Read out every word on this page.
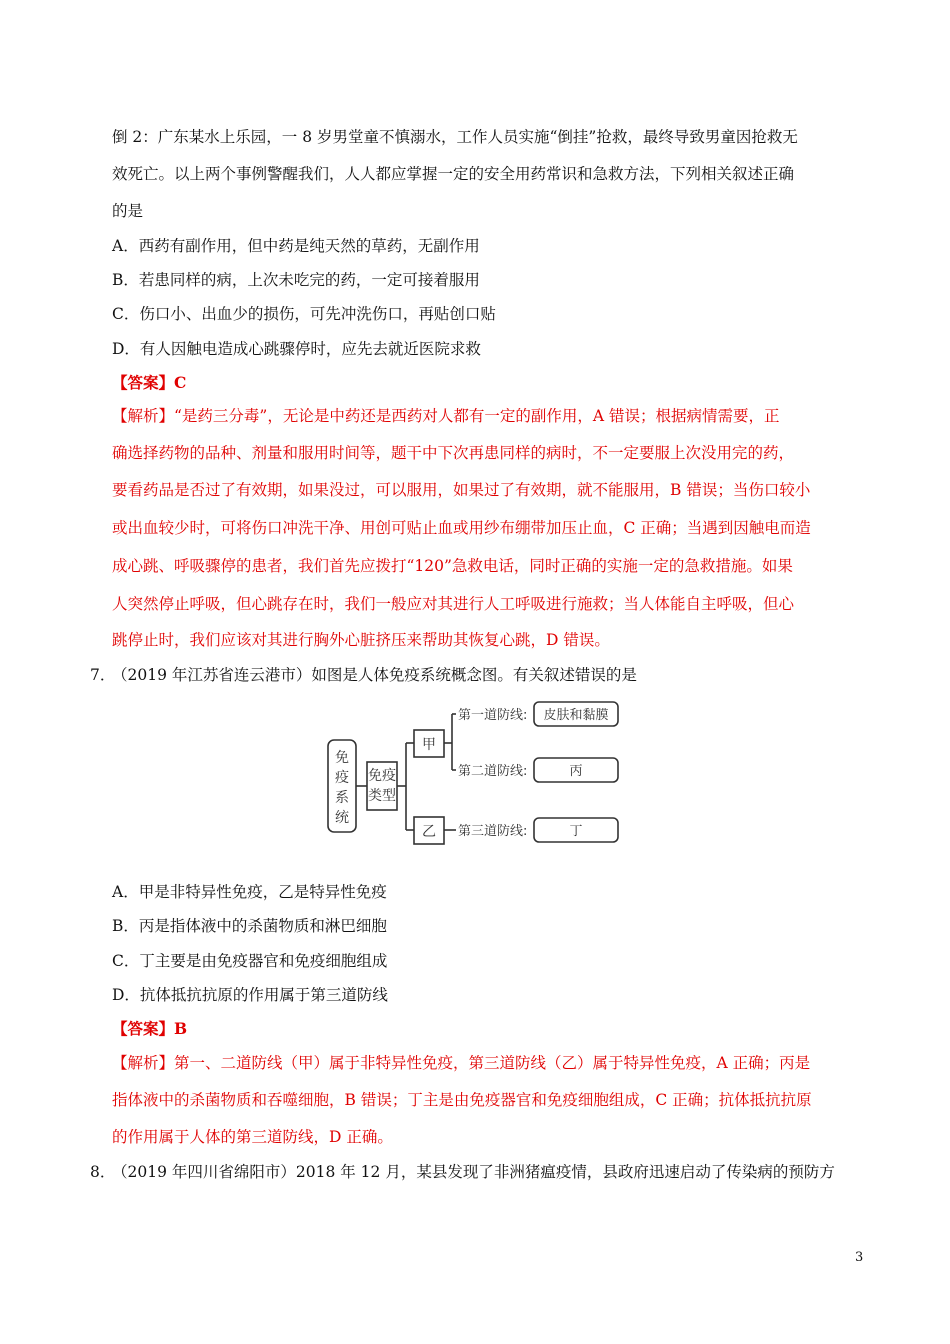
倒 2：广东某水上乐园，一 8 岁男堂童不慎溺水，工作人员实施“倒挂”抢救，最终导致男童因抢救无
效死亡。以上两个事例警醒我们，人人都应掌握一定的安全用药常识和急救方法，下列相关叙述正确
的是
A．西药有副作用，但中药是纯天然的草药，无副作用
B．若患同样的病，上次未吃完的药，一定可接着服用
C．伤口小、出血少的损伤，可先冲洗伤口，再贴创口贴
D．有人因触电造成心跳骤停时，应先去就近医院求救
【答案】C
【解析】“是药三分毒”，无论是中药还是西药对人都有一定的副作用，A 错误；根据病情需要，正
确选择药物的品种、剂量和服用时间等，题干中下次再患同样的病时，不一定要服上次没用完的药，
要看药品是否过了有效期，如果没过，可以服用，如果过了有效期，就不能服用，B 错误；当伤口较小
或出血较少时，可将伤口冲洗干净、用创可贴止血或用纱布绷带加压止血，C 正确；当遇到因触电而造
成心跳、呼吸骤停的患者，我们首先应拨打“120”急救电话，同时正确的实施一定的急救措施。如果
人突然停止呼吸，但心跳存在时，我们一般应对其进行人工呼吸进行施救；当人体能自主呼吸，但心
跳停止时，我们应该对其进行胸外心脏挤压来帮助其恢复心跳，D 错误。
7．
（2019 年江苏省连云港市）如图是人体免疫系统概念图。有关叙述错误的是
免
疫
系
统
免疫
类型
甲
乙
第一道防线:
第二道防线:
第三道防线:
皮肤和黏膜
丙
丁
A．甲是非特异性免疫，乙是特异性免疫
B．丙是指体液中的杀菌物质和淋巴细胞
C．丁主要是由免疫器官和免疫细胞组成
D．抗体抵抗抗原的作用属于第三道防线
【答案】B
【解析】第一、二道防线（甲）属于非特异性免疫，第三道防线（乙）属于特异性免疫，A 正确；丙是
指体液中的杀菌物质和吞噬细胞，B 错误；丁主是由免疫器官和免疫细胞组成，C 正确；抗体抵抗抗原
的作用属于人体的第三道防线，D 正确。
8．
（2019 年四川省绵阳市）2018 年 12 月，某县发现了非洲猪瘟疫情，县政府迅速启动了传染病的预防方
3
